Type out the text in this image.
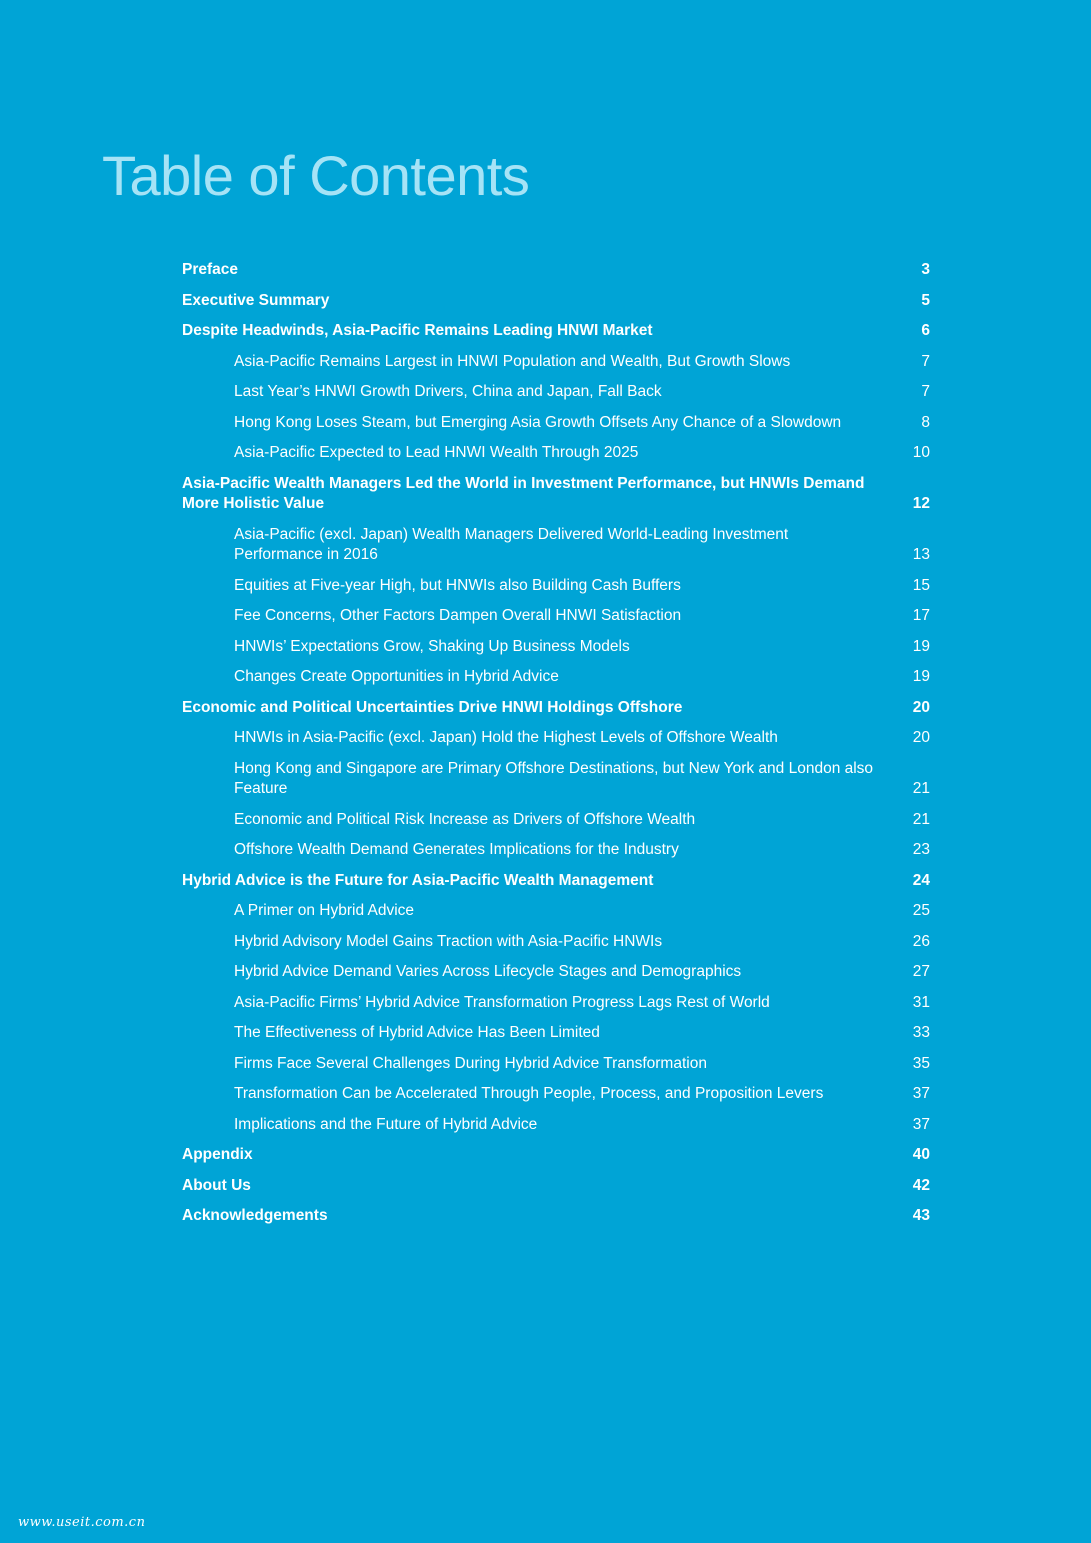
Table of Contents
Preface	3
Executive Summary	5
Despite Headwinds, Asia-Pacific Remains Leading HNWI Market	6
Asia-Pacific Remains Largest in HNWI Population and Wealth, But Growth Slows	7
Last Year’s HNWI Growth Drivers, China and Japan, Fall Back	7
Hong Kong Loses Steam, but Emerging Asia Growth Offsets Any Chance of a Slowdown	8
Asia-Pacific Expected to Lead HNWI Wealth Through 2025	10
Asia-Pacific Wealth Managers Led the World in Investment Performance, but HNWIs Demand More Holistic Value	12
Asia-Pacific (excl. Japan) Wealth Managers Delivered World-Leading Investment Performance in 2016	13
Equities at Five-year High, but HNWIs also Building Cash Buffers	15
Fee Concerns, Other Factors Dampen Overall HNWI Satisfaction	17
HNWIs’ Expectations Grow, Shaking Up Business Models	19
Changes Create Opportunities in Hybrid Advice	19
Economic and Political Uncertainties Drive HNWI Holdings Offshore	20
HNWIs in Asia-Pacific (excl. Japan) Hold the Highest Levels of Offshore Wealth	20
Hong Kong and Singapore are Primary Offshore Destinations, but New York and London also Feature	21
Economic and Political Risk Increase as Drivers of Offshore Wealth	21
Offshore Wealth Demand Generates Implications for the Industry	23
Hybrid Advice is the Future for Asia-Pacific Wealth Management	24
A Primer on Hybrid Advice	25
Hybrid Advisory Model Gains Traction with Asia-Pacific HNWIs	26
Hybrid Advice Demand Varies Across Lifecycle Stages and Demographics	27
Asia-Pacific Firms’ Hybrid Advice Transformation Progress Lags Rest of World	31
The Effectiveness of Hybrid Advice Has Been Limited	33
Firms Face Several Challenges During Hybrid Advice Transformation	35
Transformation Can be Accelerated Through People, Process, and Proposition Levers	37
Implications and the Future of Hybrid Advice	37
Appendix	40
About Us	42
Acknowledgements	43
www.useit.com.cn
